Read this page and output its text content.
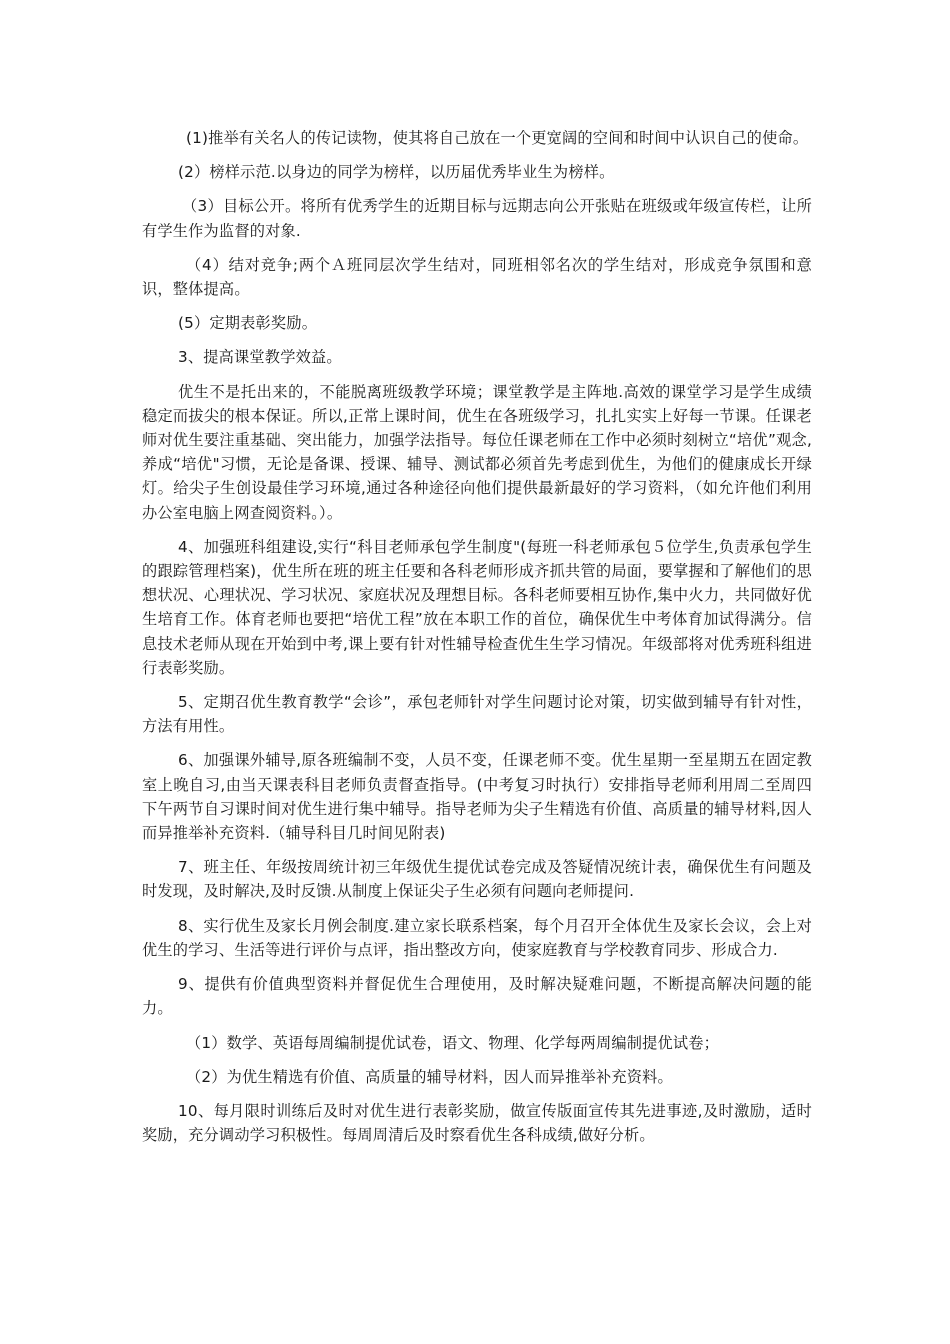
(1)推举有关名人的传记读物，使其将自己放在一个更宽阔的空间和时间中认识自己的使命。

(2）榜样示范.以身边的同学为榜样，以历届优秀毕业生为榜样。

（3）目标公开。将所有优秀学生的近期目标与远期志向公开张贴在班级或年级宣传栏，让所有学生作为监督的对象.

（4）结对竞争;两个Ａ班同层次学生结对，同班相邻名次的学生结对，形成竞争氛围和意识，整体提高。

(5）定期表彰奖励。

3、提高课堂教学效益。

优生不是托出来的，不能脱离班级教学环境；课堂教学是主阵地.高效的课堂学习是学生成绩稳定而拔尖的根本保证。所以,正常上课时间，优生在各班级学习，扎扎实实上好每一节课。任课老师对优生要注重基础、突出能力，加强学法指导。每位任课老师在工作中必须时刻树立“培优”观念,养成“培优"习惯，无论是备课、授课、辅导、测试都必须首先考虑到优生，为他们的健康成长开绿灯。给尖子生创设最佳学习环境,通过各种途径向他们提供最新最好的学习资料，（如允许他们利用办公室电脑上网查阅资料。）。

4、加强班科组建设,实行“科目老师承包学生制度"(每班一科老师承包５位学生,负责承包学生的跟踪管理档案)，优生所在班的班主任要和各科老师形成齐抓共管的局面，要掌握和了解他们的思想状况、心理状况、学习状况、家庭状况及理想目标。各科老师要相互协作,集中火力，共同做好优生培育工作。体育老师也要把“培优工程”放在本职工作的首位，确保优生中考体育加试得满分。信息技术老师从现在开始到中考,课上要有针对性辅导检查优生生学习情况。年级部将对优秀班科组进行表彰奖励。

5、定期召优生教育教学“会诊”，承包老师针对学生问题讨论对策，切实做到辅导有针对性，方法有用性。

6、加强课外辅导,原各班编制不变，人员不变，任课老师不变。优生星期一至星期五在固定教室上晚自习,由当天课表科目老师负责督查指导。(中考复习时执行）安排指导老师利用周二至周四下午两节自习课时间对优生进行集中辅导。指导老师为尖子生精选有价值、高质量的辅导材料,因人而异推举补充资料.（辅导科目几时间见附表)

7、班主任、年级按周统计初三年级优生提优试卷完成及答疑情况统计表，确保优生有问题及时发现，及时解决,及时反馈.从制度上保证尖子生必须有问题向老师提问.

8、实行优生及家长月例会制度.建立家长联系档案，每个月召开全体优生及家长会议，会上对优生的学习、生活等进行评价与点评，指出整改方向，使家庭教育与学校教育同步、形成合力.

9、提供有价值典型资料并督促优生合理使用，及时解决疑难问题，不断提高解决问题的能力。

（1）数学、英语每周编制提优试卷，语文、物理、化学每两周编制提优试卷；

（2）为优生精选有价值、高质量的辅导材料，因人而异推举补充资料。

10、每月限时训练后及时对优生进行表彰奖励，做宣传版面宣传其先进事迹,及时激励，适时奖励，充分调动学习积极性。每周周清后及时察看优生各科成绩,做好分析。
